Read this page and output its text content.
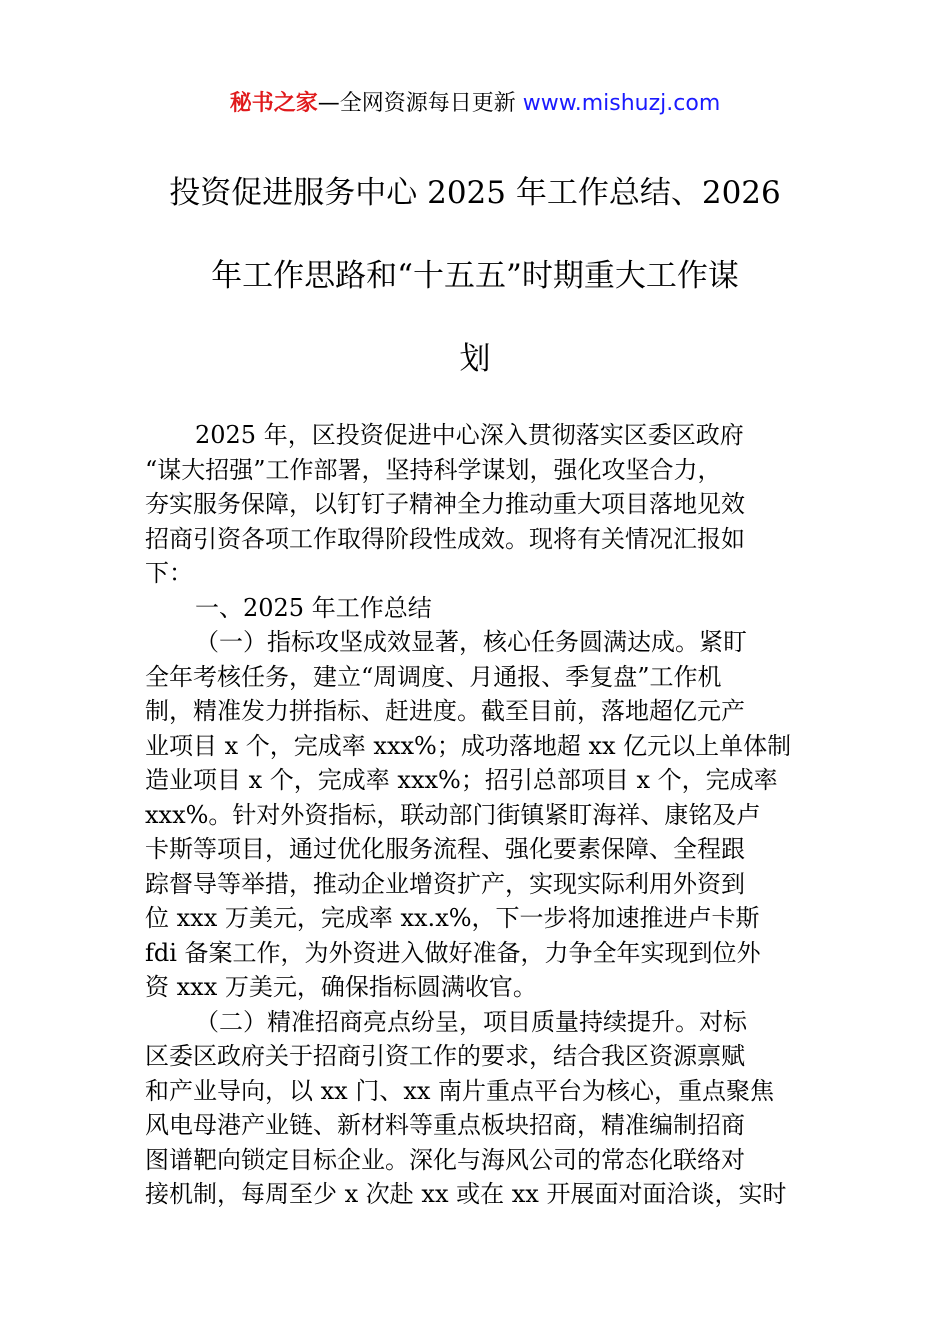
秘书之家—全网资源每日更新 www.mishuzj.com
投资促进服务中心 2025 年工作总结、2026
年工作思路和“十五五”时期重大工作谋
划
2025 年，区投资促进中心深入贯彻落实区委区政府
“谋大招强”工作部署，坚持科学谋划，强化攻坚合力，
夯实服务保障，以钉钉子精神全力推动重大项目落地见效
招商引资各项工作取得阶段性成效。现将有关情况汇报如
下：
一、2025 年工作总结
（一）指标攻坚成效显著，核心任务圆满达成。紧盯
全年考核任务，建立“周调度、月通报、季复盘”工作机
制，精准发力拼指标、赶进度。截至目前，落地超亿元产
业项目 x 个，完成率 xxx%；成功落地超 xx 亿元以上单体制
造业项目 x 个，完成率 xxx%；招引总部项目 x 个，完成率
xxx%。针对外资指标，联动部门街镇紧盯海祥、康铭及卢
卡斯等项目，通过优化服务流程、强化要素保障、全程跟
踪督导等举措，推动企业增资扩产，实现实际利用外资到
位 xxx 万美元，完成率 xx.x%，下一步将加速推进卢卡斯
fdi 备案工作，为外资进入做好准备，力争全年实现到位外
资 xxx 万美元，确保指标圆满收官。
（二）精准招商亮点纷呈，项目质量持续提升。对标
区委区政府关于招商引资工作的要求，结合我区资源禀赋
和产业导向，以 xx 门、xx 南片重点平台为核心，重点聚焦
风电母港产业链、新材料等重点板块招商，精准编制招商
图谱靶向锁定目标企业。深化与海风公司的常态化联络对
接机制，每周至少 x 次赴 xx 或在 xx 开展面对面洽谈，实时
